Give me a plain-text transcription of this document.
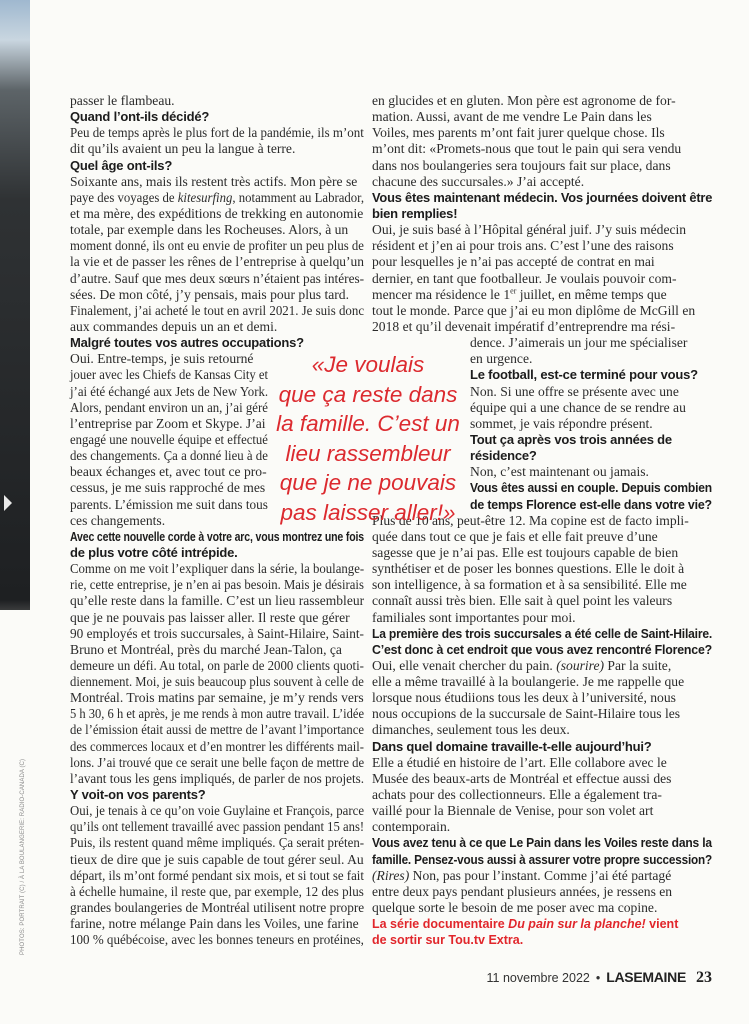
passer le flambeau.
Quand l’ont-ils décidé?
Peu de temps après le plus fort de la pandémie, ils m’ont
dit qu’ils avaient un peu la langue à terre.
Quel âge ont-ils?
Soixante ans, mais ils restent très actifs. Mon père se
paye des voyages de kitesurfing, notamment au Labrador,
et ma mère, des expéditions de trekking en autonomie
totale, par exemple dans les Rocheuses. Alors, à un
moment donné, ils ont eu envie de profiter un peu plus de
la vie et de passer les rênes de l’entreprise à quelqu’un
d’autre. Sauf que mes deux sœurs n’étaient pas intéres-
sées. De mon côté, j’y pensais, mais pour plus tard.
Finalement, j’ai acheté le tout en avril 2021. Je suis donc
aux commandes depuis un an et demi.
Malgré toutes vos autres occupations?
Oui. Entre-temps, je suis retourné
jouer avec les Chiefs de Kansas City et
j’ai été échangé aux Jets de New York.
Alors, pendant environ un an, j’ai géré
l’entreprise par Zoom et Skype. J’ai
engagé une nouvelle équipe et effectué
des changements. Ça a donné lieu à de
beaux échanges et, avec tout ce pro-
cessus, je me suis rapproché de mes
parents. L’émission me suit dans tous
ces changements.
Avec cette nouvelle corde à votre arc, vous montrez une fois
de plus votre côté intrépide.
Comme on me voit l’expliquer dans la série, la boulange-
rie, cette entreprise, je n’en ai pas besoin. Mais je désirais
qu’elle reste dans la famille. C’est un lieu rassembleur
que je ne pouvais pas laisser aller. Il reste que gérer
90 employés et trois succursales, à Saint-Hilaire, Saint-
Bruno et Montréal, près du marché Jean-Talon, ça
demeure un défi. Au total, on parle de 2000 clients quoti-
diennement. Moi, je suis beaucoup plus souvent à celle de
Montréal. Trois matins par semaine, je m’y rends vers
5 h 30, 6 h et après, je me rends à mon autre travail. L’idée
de l’émission était aussi de mettre de l’avant l’importance
des commerces locaux et d’en montrer les différents mail-
lons. J’ai trouvé que ce serait une belle façon de mettre de
l’avant tous les gens impliqués, de parler de nos projets.
Y voit-on vos parents?
Oui, je tenais à ce qu’on voie Guylaine et François, parce
qu’ils ont tellement travaillé avec passion pendant 15 ans!
Puis, ils restent quand même impliqués. Ça serait préten-
tieux de dire que je suis capable de tout gérer seul. Au
départ, ils m’ont formé pendant six mois, et si tout se fait
à échelle humaine, il reste que, par exemple, 12 des plus
grandes boulangeries de Montréal utilisent notre propre
farine, notre mélange Pain dans les Voiles, une farine
100 % québécoise, avec les bonnes teneurs en protéines,
en glucides et en gluten. Mon père est agronome de for-
mation. Aussi, avant de me vendre Le Pain dans les
Voiles, mes parents m’ont fait jurer quelque chose. Ils
m’ont dit: «Promets-nous que tout le pain qui sera vendu
dans nos boulangeries sera toujours fait sur place, dans
chacune des succursales.» J’ai accepté.
Vous êtes maintenant médecin. Vos journées doivent être
bien remplies!
Oui, je suis basé à l’Hôpital général juif. J’y suis médecin
résident et j’en ai pour trois ans. C’est l’une des raisons
pour lesquelles je n’ai pas accepté de contrat en mai
dernier, en tant que footballeur. Je voulais pouvoir com-
mencer ma résidence le 1er juillet, en même temps que
tout le monde. Parce que j’ai eu mon diplôme de McGill en
2018 et qu’il devenait impératif d’entreprendre ma rési-
dence. J’aimerais un jour me spécialiser
en urgence.
Le football, est-ce terminé pour vous?
Non. Si une offre se présente avec une
équipe qui a une chance de se rendre au
sommet, je vais répondre présent.
Tout ça après vos trois années de
résidence?
Non, c’est maintenant ou jamais.
Vous êtes aussi en couple. Depuis combien
de temps Florence est-elle dans votre vie?
Plus de 10 ans, peut-être 12. Ma copine est de facto impli-
quée dans tout ce que je fais et elle fait preuve d’une
sagesse que je n’ai pas. Elle est toujours capable de bien
synthétiser et de poser les bonnes questions. Elle le doit à
son intelligence, à sa formation et à sa sensibilité. Elle me
connaît aussi très bien. Elle sait à quel point les valeurs
familiales sont importantes pour moi.
La première des trois succursales a été celle de Saint-Hilaire.
C’est donc à cet endroit que vous avez rencontré Florence?
Oui, elle venait chercher du pain. (sourire) Par la suite,
elle a même travaillé à la boulangerie. Je me rappelle que
lorsque nous étudiions tous les deux à l’université, nous
nous occupions de la succursale de Saint-Hilaire tous les
dimanches, seulement tous les deux.
Dans quel domaine travaille-t-elle aujourd’hui?
Elle a étudié en histoire de l’art. Elle collabore avec le
Musée des beaux-arts de Montréal et effectue aussi des
achats pour des collectionneurs. Elle a également tra-
vaillé pour la Biennale de Venise, pour son volet art
contemporain.
Vous avez tenu à ce que Le Pain dans les Voiles reste dans la
famille. Pensez-vous aussi à assurer votre propre succession?
(Rires) Non, pas pour l’instant. Comme j’ai été partagé
entre deux pays pendant plusieurs années, je ressens en
quelque sorte le besoin de me poser avec ma copine.
La série documentaire Du pain sur la planche! vient
de sortir sur Tou.tv Extra.
«Je voulais
que ça reste dans
la famille. C’est un
lieu rassembleur
que je ne pouvais
pas laisser aller!»
PHOTOS: PORTRAIT (C) / À LA BOULANGERIE: RADIO-CANADA (C)
11 novembre 2022 • LASEMAINE 23
